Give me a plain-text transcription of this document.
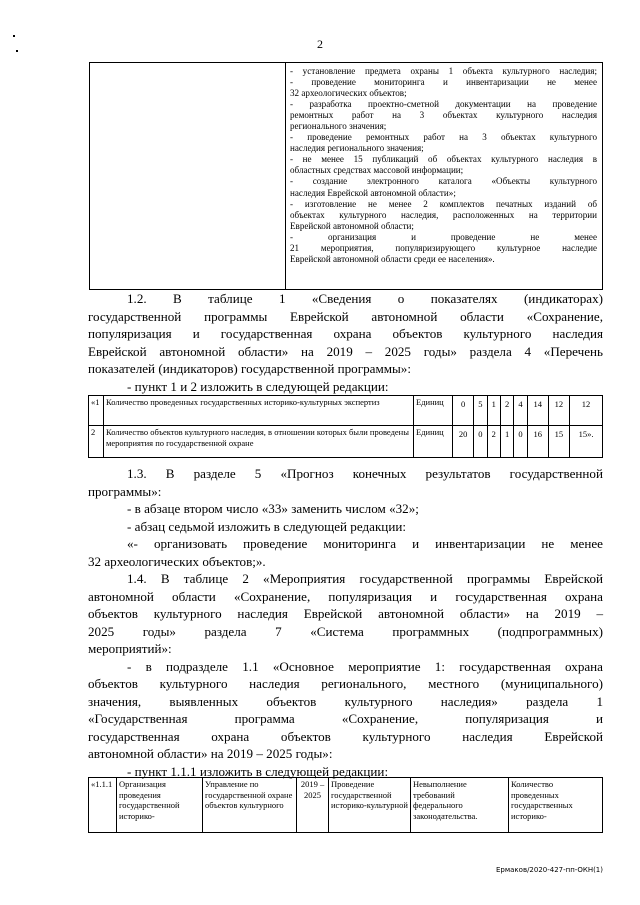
2
- установление предмета охраны 1 объекта культурного наследия;
- проведение мониторинга и инвентаризации не менее
32 археологических объектов;
- разработка проектно-сметной документации на проведение
ремонтных работ на 3 объектах культурного наследия
регионального значения;
- проведение ремонтных работ на 3 объектах культурного
наследия регионального значения;
- не менее 15 публикаций об объектах культурного наследия в
областных средствах массовой информации;
- создание электронного каталога «Объекты культурного
наследия Еврейской автономной области»;
- изготовление не менее 2 комплектов печатных изданий об
объектах культурного наследия, расположенных на территории
Еврейской автономной области;
- организация и проведение не менее
21 мероприятия, популяризирующего культурное наследие
Еврейской автономной области среди ее населения».
1.2. В таблице 1 «Сведения о показателях (индикаторах)
государственной программы Еврейской автономной области «Сохранение,
популяризация и государственная охрана объектов культурного наследия
Еврейской автономной области» на 2019 – 2025 годы» раздела 4 «Перечень
показателей (индикаторов) государственной программы»:
- пункт 1 и 2 изложить в следующей редакции:
«1	Количество проведенных государственных историко-культурных экспертиз	Единиц	0	5	1	2	4	14	12	12
2	Количество объектов культурного наследия, в отношении которых были проведены мероприятия по государственной охране	Единиц	20	0	2	1	0	16	15	15».
1.3. В разделе 5 «Прогноз конечных результатов государственной
программы»:
- в абзаце втором число «33» заменить числом «32»;
- абзац седьмой изложить в следующей редакции:
«- организовать проведение мониторинга и инвентаризации не менее
32 археологических объектов;».
1.4. В таблице 2 «Мероприятия государственной программы Еврейской
автономной области «Сохранение, популяризация и государственная охрана
объектов культурного наследия Еврейской автономной области» на 2019 –
2025 годы» раздела 7 «Система программных (подпрограммных)
мероприятий»:
- в подразделе 1.1 «Основное мероприятие 1: государственная охрана
объектов культурного наследия регионального, местного (муниципального)
значения, выявленных объектов культурного наследия» раздела 1
«Государственная программа «Сохранение, популяризация и
государственная охрана объектов культурного наследия Еврейской
автономной области» на 2019 – 2025 годы»:
- пункт 1.1.1 изложить в следующей редакции:
«1.1.1	Организация проведения государственной историко-	Управление по государственной охране объектов культурного	2019 – 2025	Проведение государственной историко-культурной	Невыполнение требований федерального законодательства.	Количество проведенных государственных историко-
Ермаков/2020-427-пп-ОКН(1)
